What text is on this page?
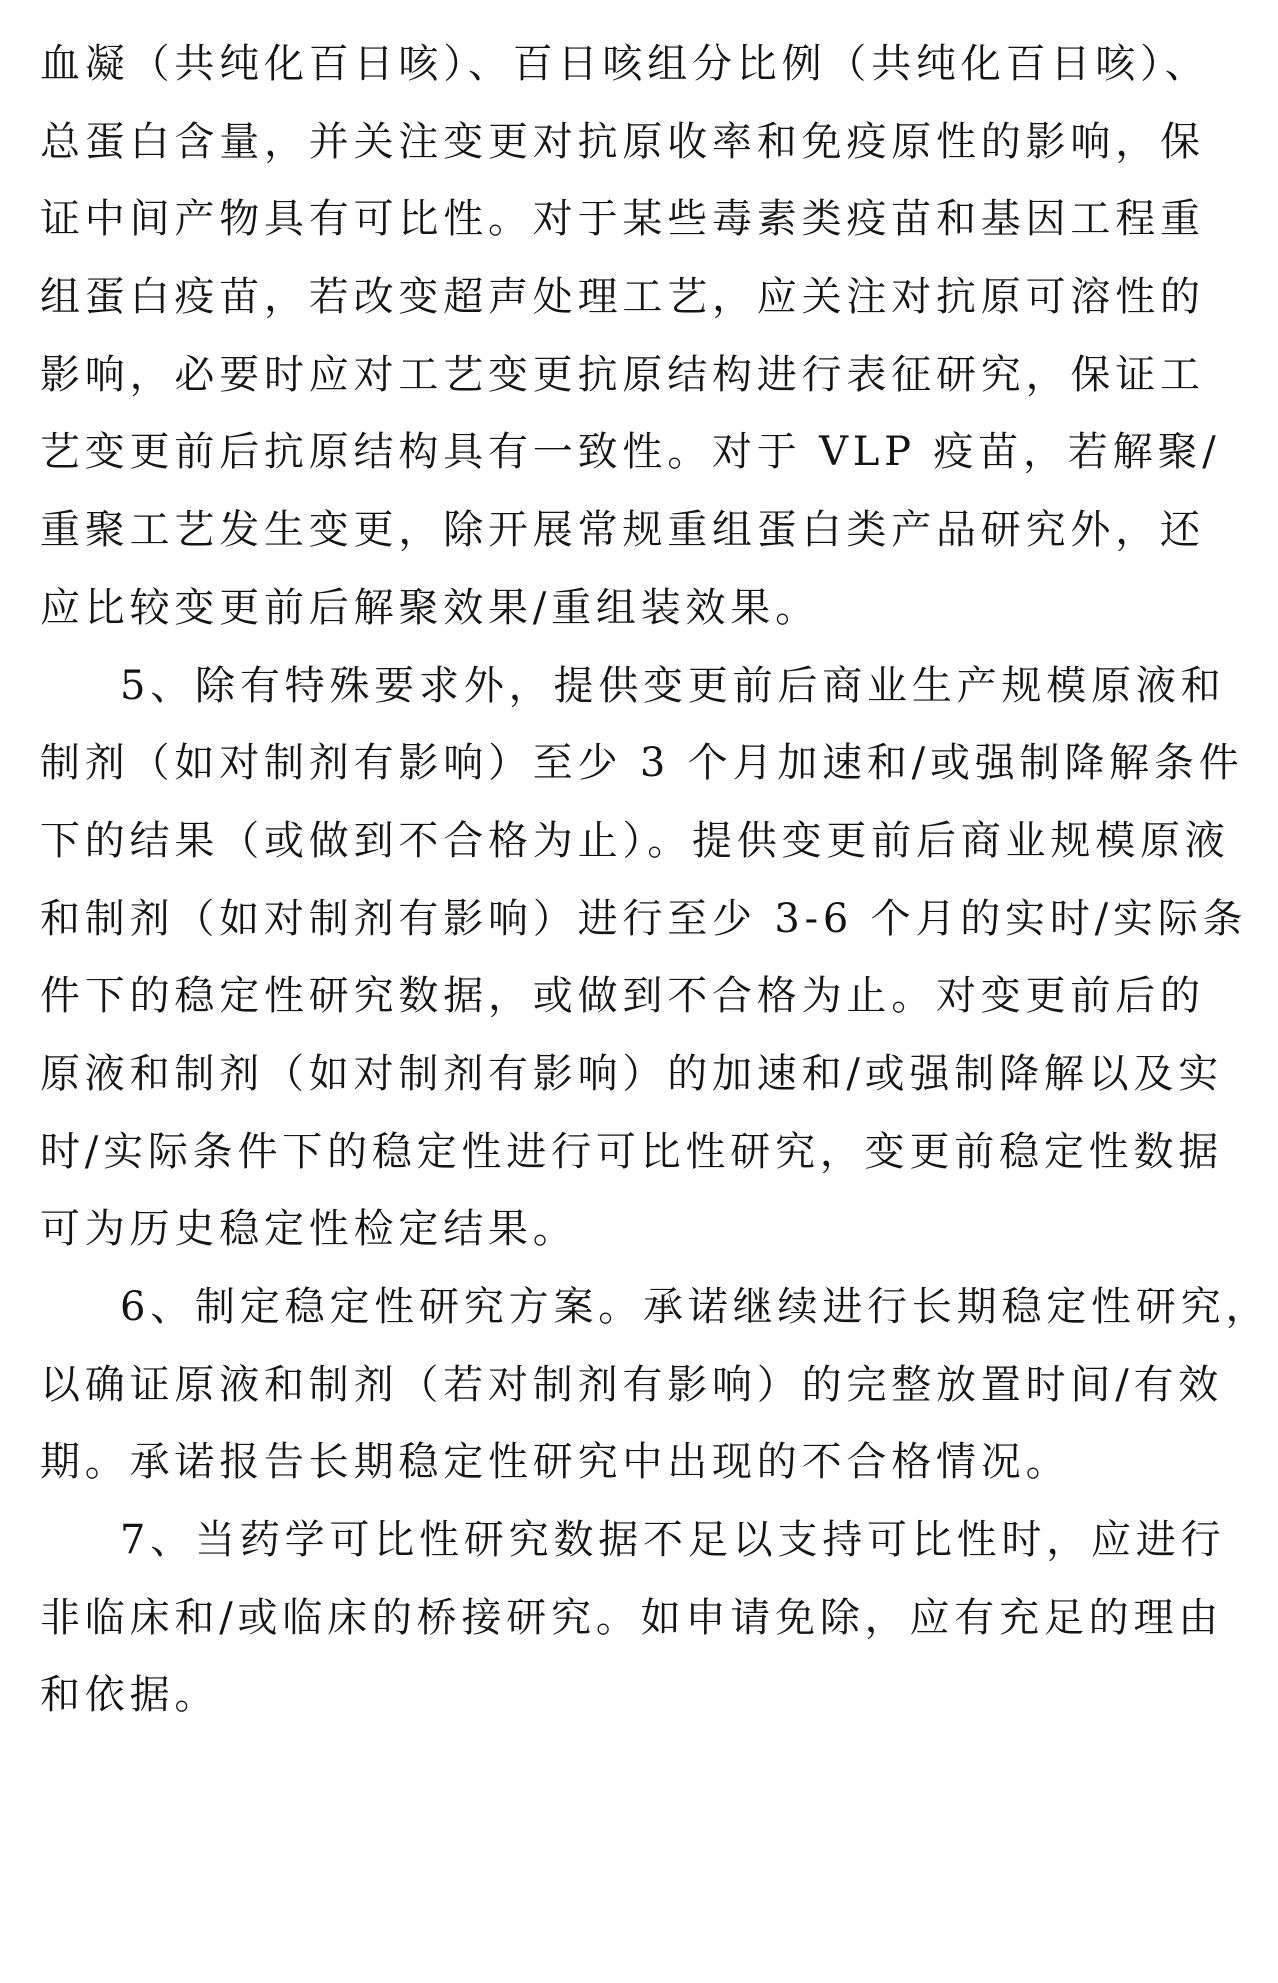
血凝（共纯化百日咳）、百日咳组分比例（共纯化百日咳）、
总蛋白含量，并关注变更对抗原收率和免疫原性的影响，保
证中间产物具有可比性。对于某些毒素类疫苗和基因工程重
组蛋白疫苗，若改变超声处理工艺，应关注对抗原可溶性的
影响，必要时应对工艺变更抗原结构进行表征研究，保证工
艺变更前后抗原结构具有一致性。对于 VLP 疫苗，若解聚/
重聚工艺发生变更，除开展常规重组蛋白类产品研究外，还
应比较变更前后解聚效果/重组装效果。
5、除有特殊要求外，提供变更前后商业生产规模原液和
制剂（如对制剂有影响）至少 3 个月加速和/或强制降解条件
下的结果（或做到不合格为止）。提供变更前后商业规模原液
和制剂（如对制剂有影响）进行至少 3-6 个月的实时/实际条
件下的稳定性研究数据，或做到不合格为止。对变更前后的
原液和制剂（如对制剂有影响）的加速和/或强制降解以及实
时/实际条件下的稳定性进行可比性研究，变更前稳定性数据
可为历史稳定性检定结果。
6、制定稳定性研究方案。承诺继续进行长期稳定性研究，
以确证原液和制剂（若对制剂有影响）的完整放置时间/有效
期。承诺报告长期稳定性研究中出现的不合格情况。
7、当药学可比性研究数据不足以支持可比性时，应进行
非临床和/或临床的桥接研究。如申请免除，应有充足的理由
和依据。
